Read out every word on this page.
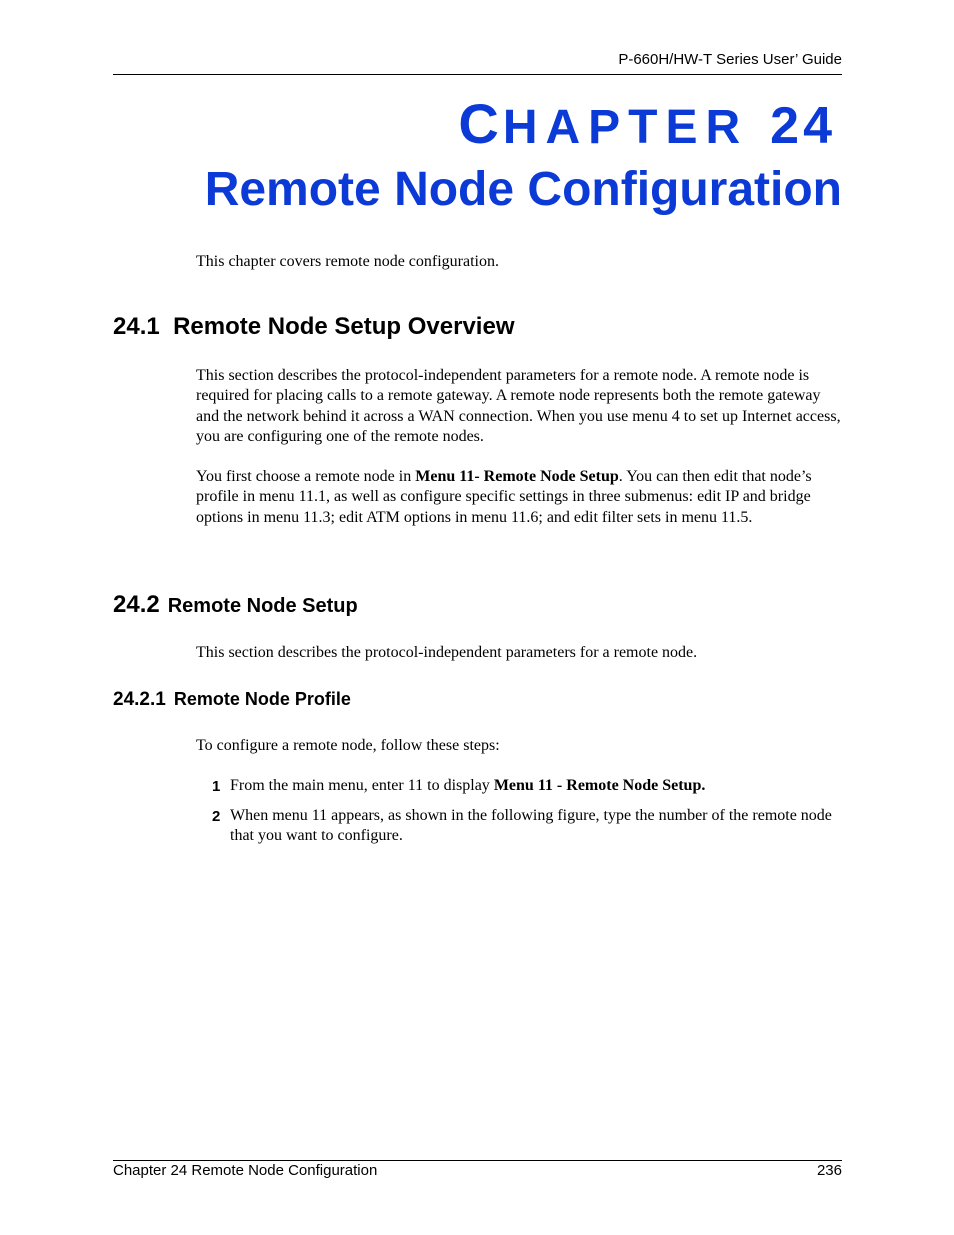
P-660H/HW-T Series User’ Guide
CHAPTER 24
Remote Node Configuration
This chapter covers remote node configuration.
24.1 Remote Node Setup Overview
This section describes the protocol-independent parameters for a remote node. A remote node is required for placing calls to a remote gateway. A remote node represents both the remote gateway and the network behind it across a WAN connection. When you use menu 4 to set up Internet access, you are configuring one of the remote nodes.
You first choose a remote node in Menu 11- Remote Node Setup. You can then edit that node’s profile in menu 11.1, as well as configure specific settings in three submenus: edit IP and bridge options in menu 11.3; edit ATM options in menu 11.6; and edit filter sets in menu 11.5.
24.2 Remote Node Setup
This section describes the protocol-independent parameters for a remote node.
24.2.1 Remote Node Profile
To configure a remote node, follow these steps:
1 From the main menu, enter 11 to display Menu 11 - Remote Node Setup.
2 When menu 11 appears, as shown in the following figure, type the number of the remote node that you want to configure.
Chapter 24 Remote Node Configuration	236
